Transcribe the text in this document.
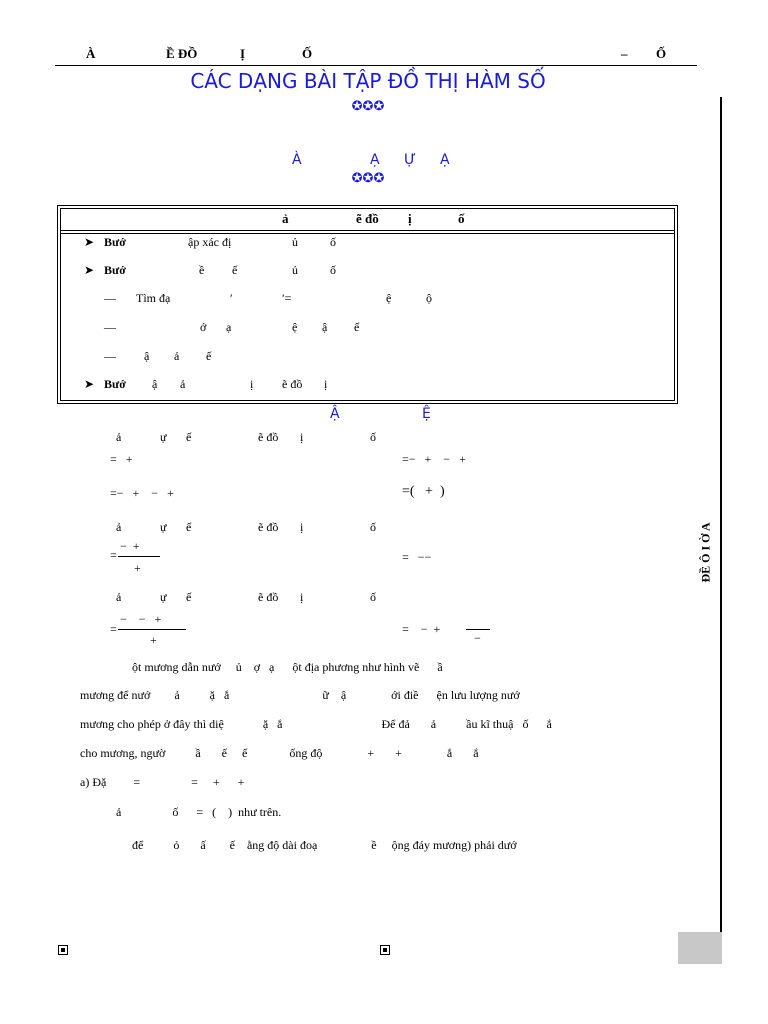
À	Ề ĐỒ	Ị	Ố	– Ố
CÁC DẠNG BÀI TẬP ĐỒ THỊ HÀM SỐ
✪✪✪
ĐỀ Ô I Ờ A
À	Ạ Ự Ạ
✪✪✪
ả	ẽ đồ ị	ố
➤ Bướ	ập xác đị	ủ	ố
➤ Bướ	ề ế	ủ	ố
— Tìm đạ	′	′=	ệ	ộ
—	ớ ạ	ệ ậ ế
— ậ ả ế
➤ Bướ ậ ả	ị ẽ đồ ị
Ậ	Ệ
ả	ự ế	ẽ đồ ị	ố
=   +	=−   +    −   +
=−   +    −   +	=(   +  )
ả	ự ế	ẽ đồ ị	ố
=
−  +
+
=   −−
ả	ự ế	ẽ đồ ị	ố
=
−    −   +
+
=    −  +
−
ột mương dẫn nướ     ủ    ợ   ạ      ột địa phương như hình vẽ      ầ
mương để nướ        ả          ặ   ắ                               ữ    ậ               ới điề      ện lưu lượng nướ
mương cho phép ở đây thì diệ             ặ   ắ                                 Để đả       ả          ầu kĩ thuậ   ố      ắ
cho mương, ngườ          ầ       ế     ế              ống độ               +       +               ắ       ắ
a) Đặ         =                 =     +      +
ả                 ố      =   (    )  như trên.
để          ỏ       ấ        ế    ằng độ dài đoạ                  ề     ộng đáy mương) phải dướ
